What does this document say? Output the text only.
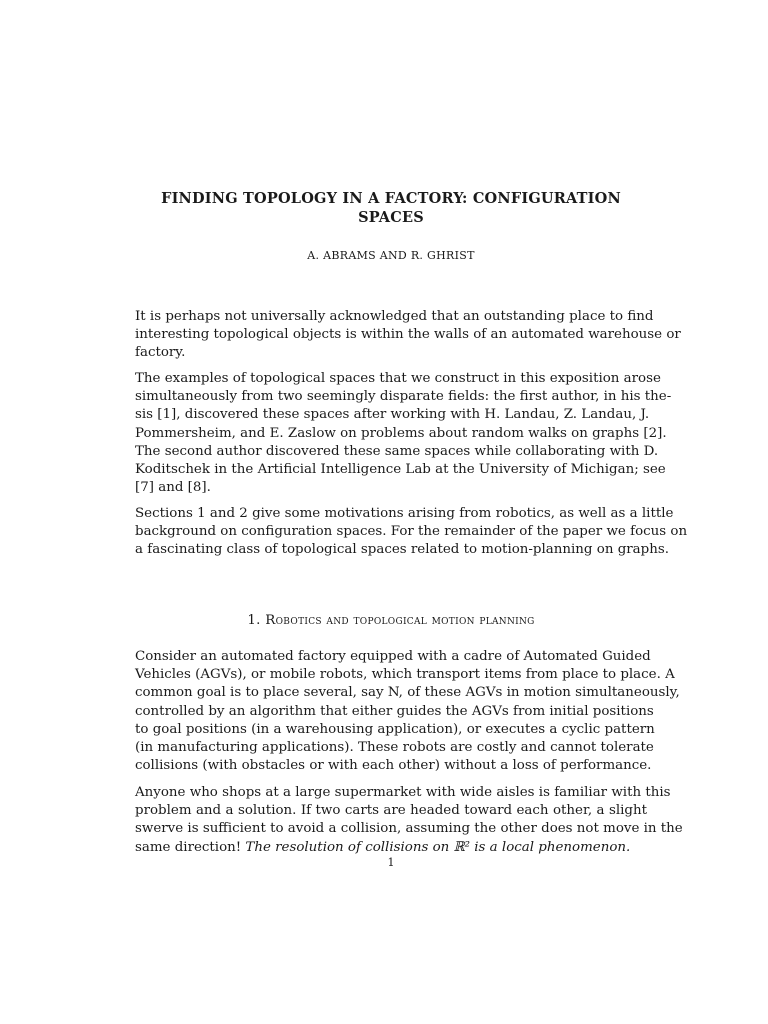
FINDING TOPOLOGY IN A FACTORY: CONFIGURATION
SPACES
A. ABRAMS AND R. GHRIST
It is perhaps not universally acknowledged that an outstanding place to find
interesting topological objects is within the walls of an automated warehouse or
factory.
The examples of topological spaces that we construct in this exposition arose
simultaneously from two seemingly disparate fields: the first author, in his the-
sis [1], discovered these spaces after working with H. Landau, Z. Landau, J.
Pommersheim, and E. Zaslow on problems about random walks on graphs [2].
The second author discovered these same spaces while collaborating with D.
Koditschek in the Artificial Intelligence Lab at the University of Michigan; see
[7] and [8].
Sections 1 and 2 give some motivations arising from robotics, as well as a little
background on configuration spaces. For the remainder of the paper we focus on
a fascinating class of topological spaces related to motion-planning on graphs.
1. Robotics and topological motion planning
Consider an automated factory equipped with a cadre of Automated Guided
Vehicles (AGVs), or mobile robots, which transport items from place to place. A
common goal is to place several, say N, of these AGVs in motion simultaneously,
controlled by an algorithm that either guides the AGVs from initial positions
to goal positions (in a warehousing application), or executes a cyclic pattern
(in manufacturing applications). These robots are costly and cannot tolerate
collisions (with obstacles or with each other) without a loss of performance.
Anyone who shops at a large supermarket with wide aisles is familiar with this
problem and a solution. If two carts are headed toward each other, a slight
swerve is sufficient to avoid a collision, assuming the other does not move in the
same direction! The resolution of collisions on ℝ² is a local phenomenon.
1
